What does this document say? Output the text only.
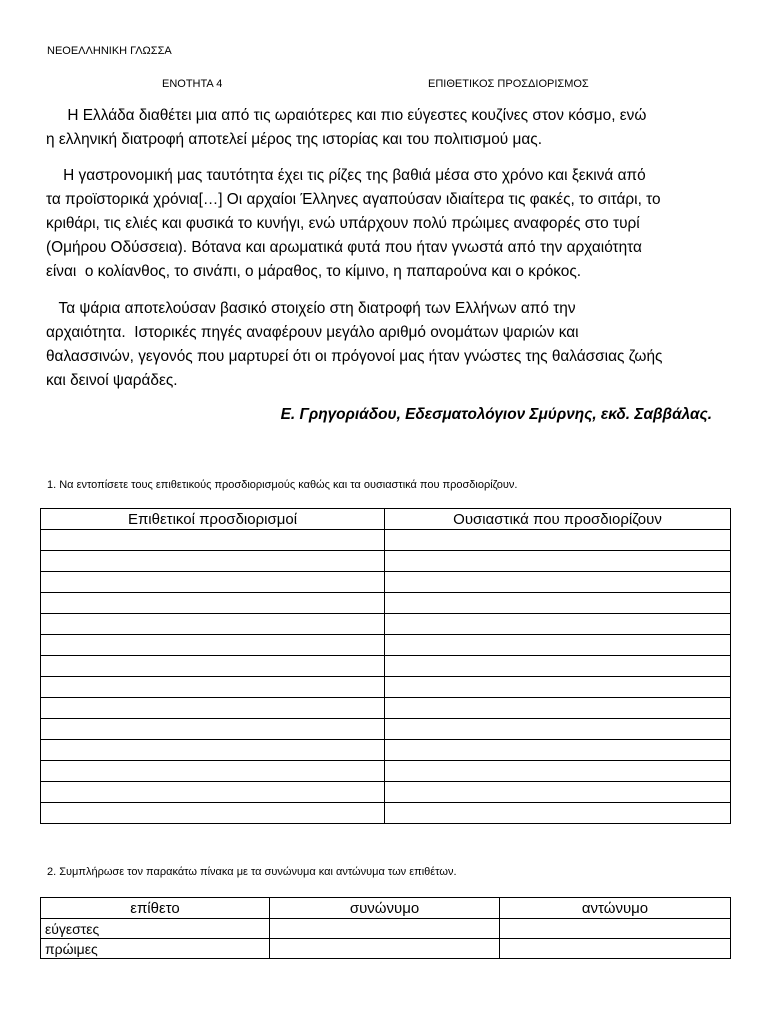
ΝΕΟΕΛΛΗΝΙΚΗ ΓΛΩΣΣΑ
ΕΝΟΤΗΤΑ 4	ΕΠΙΘΕΤΙΚΟΣ ΠΡΟΣΔΙΟΡΙΣΜΟΣ
Η Ελλάδα διαθέτει μια από τις ωραιότερες και πιο εύγεστες κουζίνες στον κόσμο, ενώ
η ελληνική διατροφή αποτελεί μέρος της ιστορίας και του πολιτισμού μας.
Η γαστρονομική μας ταυτότητα έχει τις ρίζες της βαθιά μέσα στο χρόνο και ξεκινά από
τα προϊστορικά χρόνια[…] Οι αρχαίοι Έλληνες αγαπούσαν ιδιαίτερα τις φακές, το σιτάρι, το
κριθάρι, τις ελιές και φυσικά το κυνήγι, ενώ υπάρχουν πολύ πρώιμες αναφορές στο τυρί
(Ομήρου Οδύσσεια). Βότανα και αρωματικά φυτά που ήταν γνωστά από την αρχαιότητα
είναι  ο κολίανθος, το σινάπι, ο μάραθος, το κίμινο, η παπαρούνα και ο κρόκος.
Τα ψάρια αποτελούσαν βασικό στοιχείο στη διατροφή των Ελλήνων από την
αρχαιότητα.  Ιστορικές πηγές αναφέρουν μεγάλο αριθμό ονομάτων ψαριών και
θαλασσινών, γεγονός που μαρτυρεί ότι οι πρόγονοί μας ήταν γνώστες της θαλάσσιας ζωής
και δεινοί ψαράδες.
Ε. Γρηγοριάδου, Εδεσματολόγιον Σμύρνης, εκδ. Σαββάλας.
1. Να εντοπίσετε τους επιθετικούς προσδιορισμούς καθώς και τα ουσιαστικά που προσδιορίζουν.
Επιθετικοί προσδιορισμοί	Ουσιαστικά που προσδιορίζουν

2. Συμπλήρωσε τον παρακάτω πίνακα με τα συνώνυμα και αντώνυμα των επιθέτων.
επίθετο	συνώνυμο	αντώνυμο
εύγεστες		
πρώιμες		
